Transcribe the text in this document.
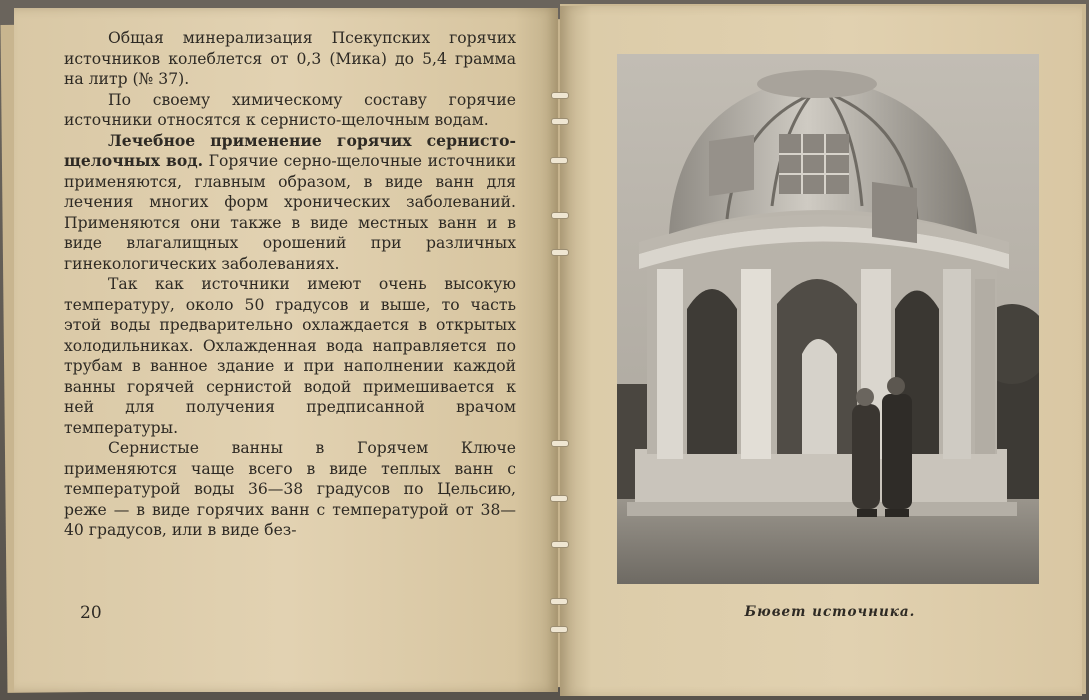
Общая минерализация Псекупских горячих источников колеблется от 0,3 (Мика) до 5,4 грамма на литр (№ 37).

По своему химическому составу горячие источники относятся к сернисто-щелочным водам.

Лечебное применение горячих сернисто-щелочных вод. Горячие серно-щелочные источники применяются, главным образом, в виде ванн для лечения многих форм хронических заболеваний. Применяются они также в виде местных ванн и в виде влагалищных орошений при различных гинекологических заболеваниях.

Так как источники имеют очень высокую температуру, около 50 градусов и выше, то часть этой воды предварительно охлаждается в открытых холодильниках. Охлажденная вода направляется по трубам в ванное здание и при наполнении каждой ванны горячей сернистой водой примешивается к ней для получения предписанной врачом температуры.

Сернистые ванны в Горячем Ключе применяются чаще всего в виде теплых ванн с температурой воды 36—38 градусов по Цельсию, реже — в виде горячих ванн с температурой от 38—40 градусов, или в виде без-

20	Бювет источника.
